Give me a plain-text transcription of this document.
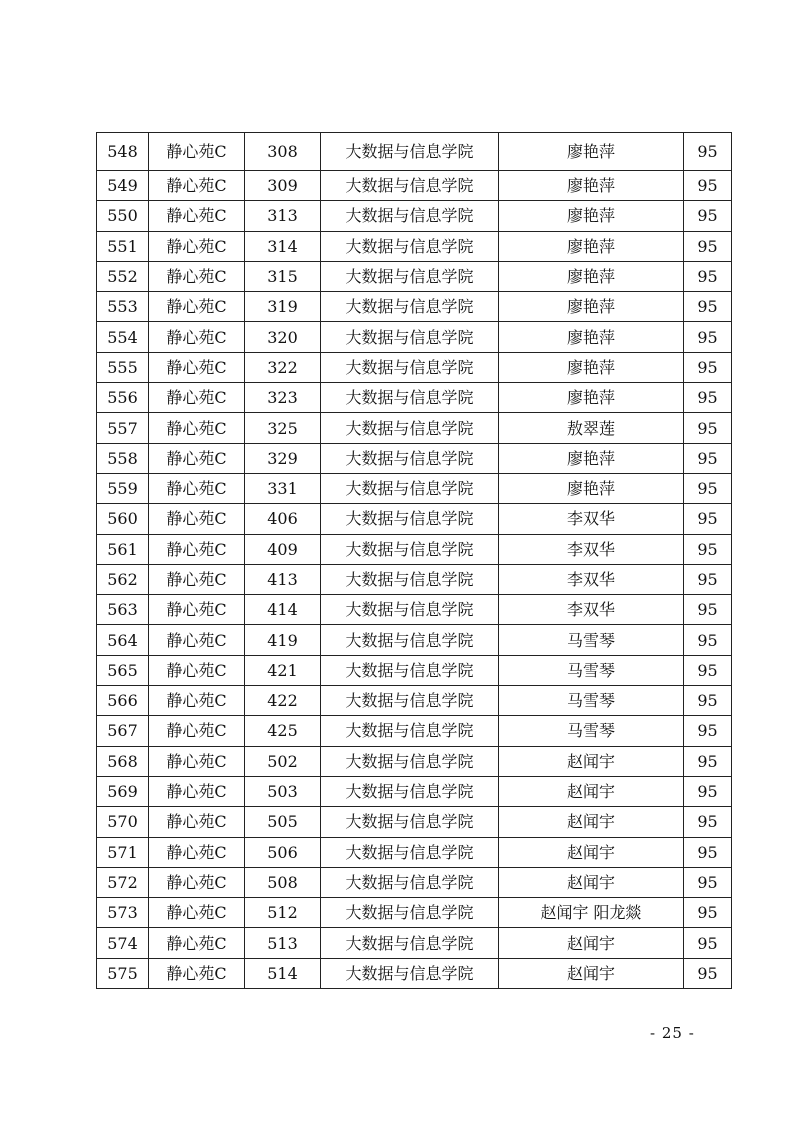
548	静心苑C	308	大数据与信息学院	廖艳萍	95
549	静心苑C	309	大数据与信息学院	廖艳萍	95
550	静心苑C	313	大数据与信息学院	廖艳萍	95
551	静心苑C	314	大数据与信息学院	廖艳萍	95
552	静心苑C	315	大数据与信息学院	廖艳萍	95
553	静心苑C	319	大数据与信息学院	廖艳萍	95
554	静心苑C	320	大数据与信息学院	廖艳萍	95
555	静心苑C	322	大数据与信息学院	廖艳萍	95
556	静心苑C	323	大数据与信息学院	廖艳萍	95
557	静心苑C	325	大数据与信息学院	敖翠莲	95
558	静心苑C	329	大数据与信息学院	廖艳萍	95
559	静心苑C	331	大数据与信息学院	廖艳萍	95
560	静心苑C	406	大数据与信息学院	李双华	95
561	静心苑C	409	大数据与信息学院	李双华	95
562	静心苑C	413	大数据与信息学院	李双华	95
563	静心苑C	414	大数据与信息学院	李双华	95
564	静心苑C	419	大数据与信息学院	马雪琴	95
565	静心苑C	421	大数据与信息学院	马雪琴	95
566	静心苑C	422	大数据与信息学院	马雪琴	95
567	静心苑C	425	大数据与信息学院	马雪琴	95
568	静心苑C	502	大数据与信息学院	赵闻宇	95
569	静心苑C	503	大数据与信息学院	赵闻宇	95
570	静心苑C	505	大数据与信息学院	赵闻宇	95
571	静心苑C	506	大数据与信息学院	赵闻宇	95
572	静心苑C	508	大数据与信息学院	赵闻宇	95
573	静心苑C	512	大数据与信息学院	赵闻宇 阳龙燚	95
574	静心苑C	513	大数据与信息学院	赵闻宇	95
575	静心苑C	514	大数据与信息学院	赵闻宇	95
- 25 -
